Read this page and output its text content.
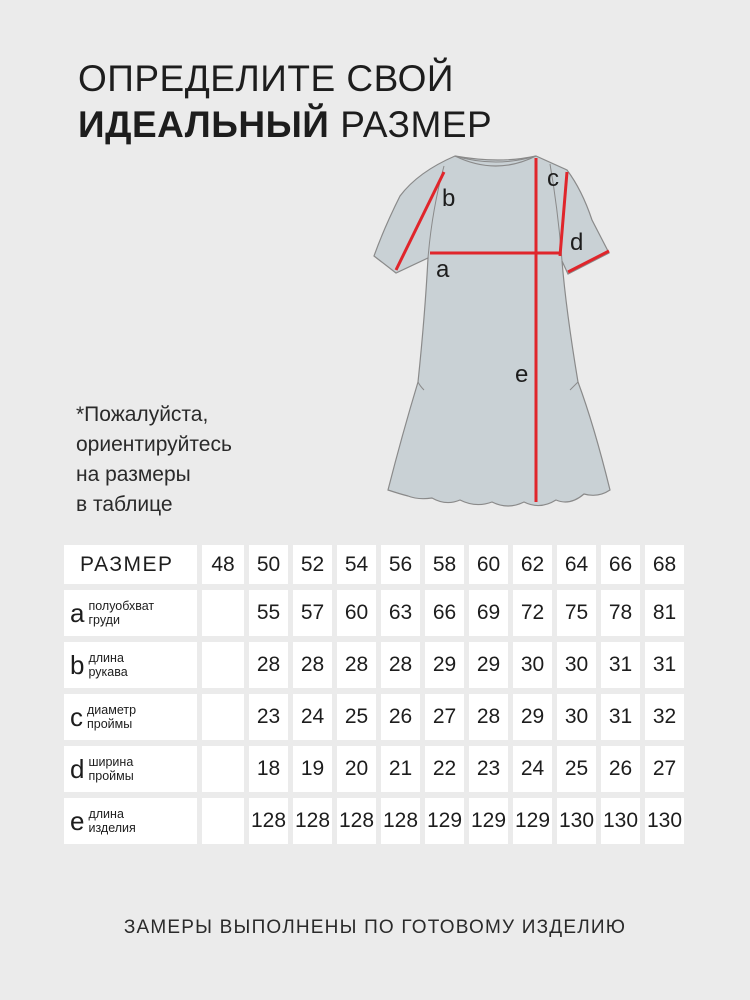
ОПРЕДЕЛИТЕ СВОЙ
ИДЕАЛЬНЫЙ РАЗМЕР
b
a
c
d
e
*Пожалуйста,
ориентируйтесь
на размеры
в таблице
РАЗМЕР	48	50	52	54	56	58	60	62	64	66	68

a полуобхват
груди		55	57	60	63	66	69	72	75	78	81

b длина
рукава		28	28	28	28	29	29	30	30	31	31

c диаметр
проймы		23	24	25	26	27	28	29	30	31	32

d ширина
проймы		18	19	20	21	22	23	24	25	26	27

e длина
изделия		128	128	128	128	129	129	129	130	130	130
ЗАМЕРЫ ВЫПОЛНЕНЫ ПО ГОТОВОМУ ИЗДЕЛИЮ
